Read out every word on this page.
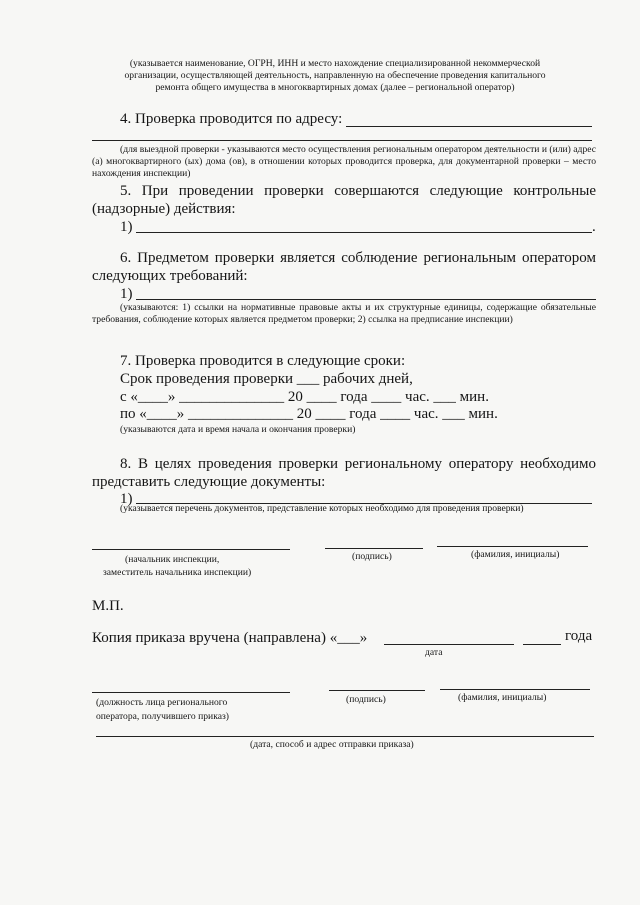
(указывается наименование, ОГРН, ИНН и место нахождение специализированной некоммерческой
организации, осуществляющей деятельность, направленную на обеспечение проведения капитального
ремонта общего имущества в многоквартирных домах (далее – региональной оператор)
4. Проверка проводится по адресу:
(для выездной проверки - указываются место осуществления региональным оператором деятельности и (или) адрес (а) многоквартирного (ых) дома (ов), в отношении которых проводится проверка, для документарной проверки – место нахождения инспекции)
5. При проведении проверки совершаются следующие контрольные
(надзорные) действия:
1)	.
6. Предметом проверки является соблюдение региональным оператором
следующих требований:
1)
(указываются: 1) ссылки на нормативные правовые акты и их структурные единицы, содержащие обязательные требования, соблюдение которых является предметом проверки; 2) ссылка на предписание инспекции)
7. Проверка проводится в следующие сроки:
Срок проведения проверки ___ рабочих дней,
с «____» ______________ 20 ____ года ____ час. ___ мин.
по «____» ______________ 20 ____ года ____ час. ___ мин.
(указываются дата и время начала и окончания проверки)
8. В целях проведения проверки региональному оператору необходимо
представить следующие документы:
1)
(указывается перечень документов, представление которых необходимо для проведения проверки)
(начальник инспекции,
заместитель начальника инспекции)
(подпись)	(фамилия, инициалы)
М.П.
Копия приказа вручена (направлена) «___»	года
дата
(должность лица регионального
оператора, получившего приказ)
(подпись)	(фамилия, инициалы)
(дата, способ и адрес отправки приказа)
